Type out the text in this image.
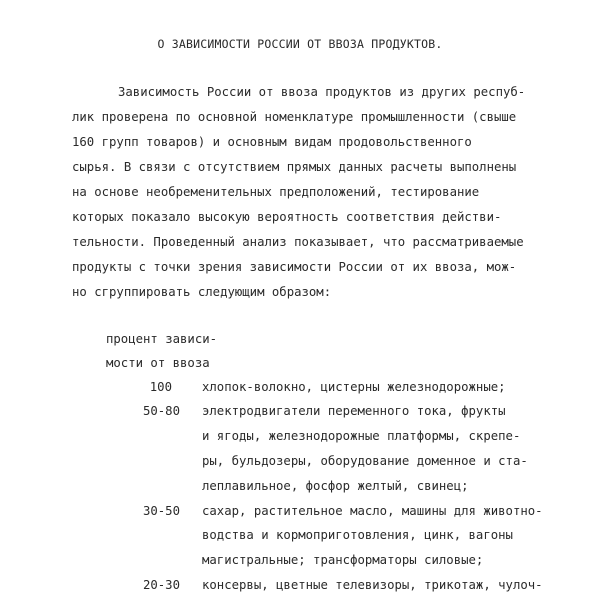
О ЗАВИСИМОСТИ РОССИИ ОТ ВВОЗА ПРОДУКТОВ.
Зависимость России от ввоза продуктов из других респуб-
лик проверена по основной номенклатуре промышленности (свыше
160 групп товаров) и основным видам продовольственного
сырья. В связи с отсутствием прямых данных расчеты выполнены
на основе необременительных предположений, тестирование
которых показало высокую вероятность соответствия действи-
тельности. Проведенный анализ показывает, что рассматриваемые
продукты с точки зрения зависимости России от их ввоза, мож-
но сгруппировать следующим образом:
процент зависи-
мости от ввоза
100 хлопок-волокно, цистерны железнодорожные;
50-80 электродвигатели переменного тока, фрукты
и ягоды, железнодорожные платформы, скрепе-
ры, бульдозеры, оборудование доменное и ста-
леплавильное, фосфор желтый, свинец;
30-50 сахар, растительное масло, машины для животно-
водства и кормоприготовления, цинк, вагоны
магистральные; трансформаторы силовые;
20-30 консервы, цветные телевизоры, трикотаж, чулоч-
